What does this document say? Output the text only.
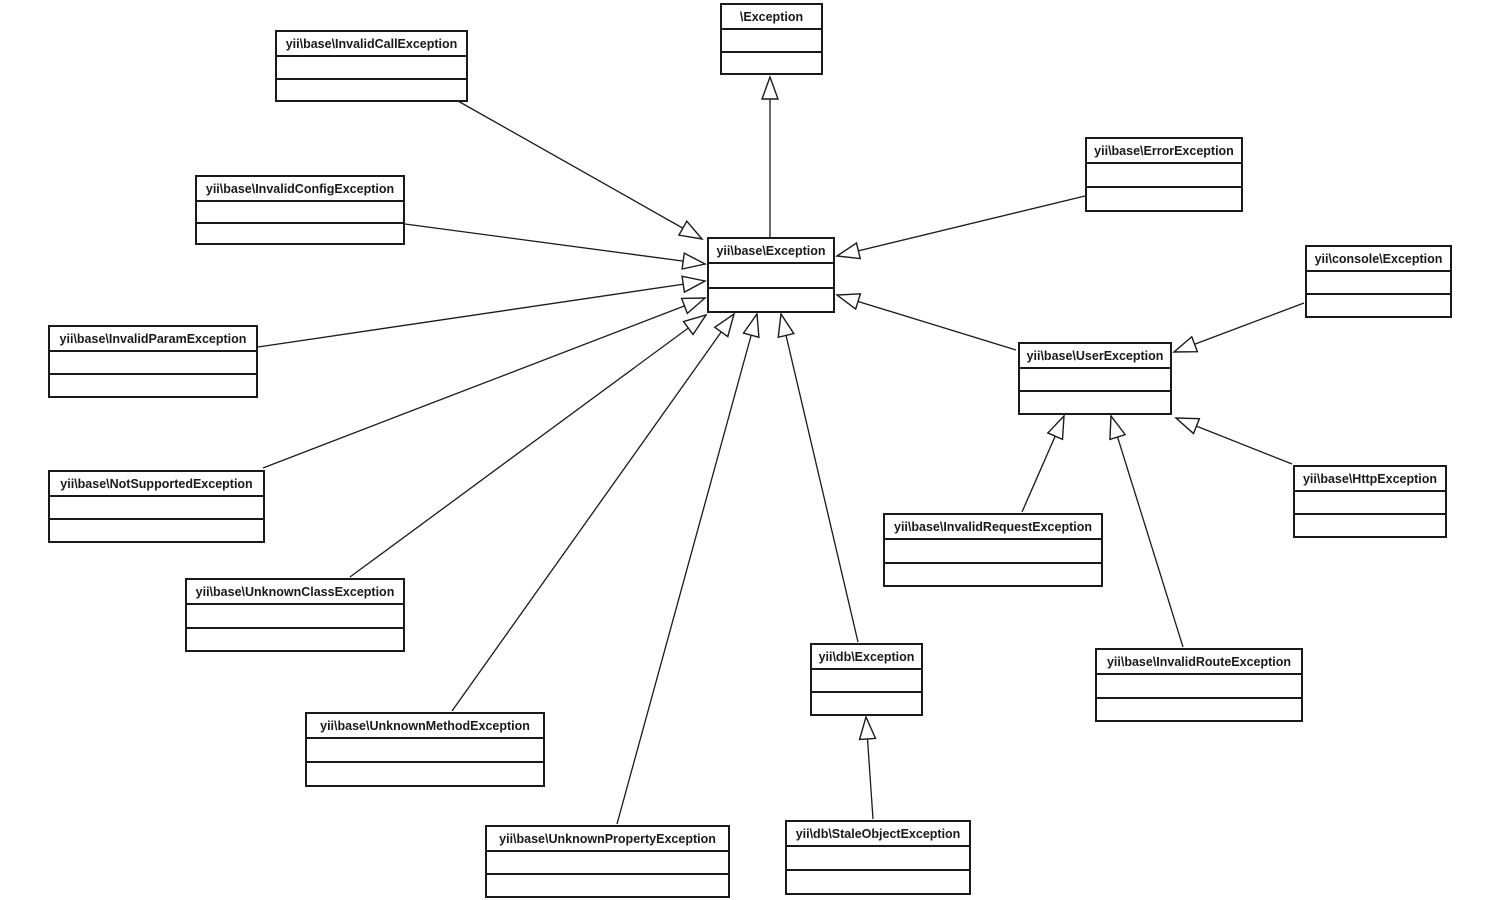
\Exception
yii\base\Exception
yii\base\InvalidCallException
yii\base\InvalidConfigException
yii\base\InvalidParamException
yii\base\NotSupportedException
yii\base\UnknownClassException
yii\base\UnknownMethodException
yii\base\UnknownPropertyException
yii\base\ErrorException
yii\console\Exception
yii\base\UserException
yii\base\HttpException
yii\base\InvalidRequestException
yii\base\InvalidRouteException
yii\db\Exception
yii\db\StaleObjectException
